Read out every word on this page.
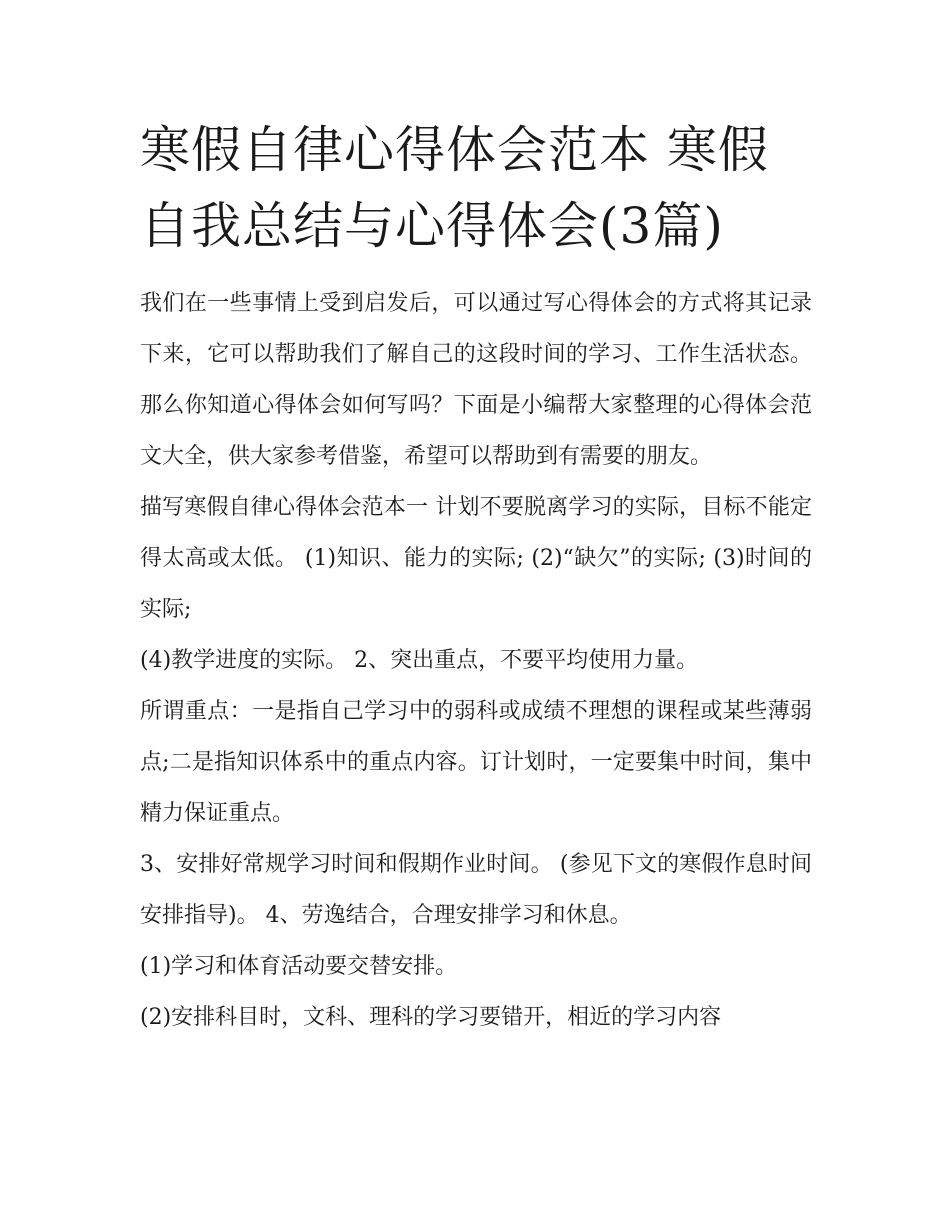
寒假自律心得体会范本 寒假自我总结与心得体会(3篇)

我们在一些事情上受到启发后，可以通过写心得体会的方式将其记录下来，它可以帮助我们了解自己的这段时间的学习、工作生活状态。那么你知道心得体会如何写吗？下面是小编帮大家整理的心得体会范文大全，供大家参考借鉴，希望可以帮助到有需要的朋友。

描写寒假自律心得体会范本一 计划不要脱离学习的实际，目标不能定得太高或太低。 (1)知识、能力的实际; (2)“缺欠”的实际; (3)时间的实际;

(4)教学进度的实际。 2、突出重点，不要平均使用力量。

所谓重点：一是指自己学习中的弱科或成绩不理想的课程或某些薄弱点;二是指知识体系中的重点内容。订计划时，一定要集中时间，集中精力保证重点。

3、安排好常规学习时间和假期作业时间。 (参见下文的寒假作息时间安排指导)。 4、劳逸结合，合理安排学习和休息。

(1)学习和体育活动要交替安排。

(2)安排科目时，文科、理科的学习要错开，相近的学习内容
